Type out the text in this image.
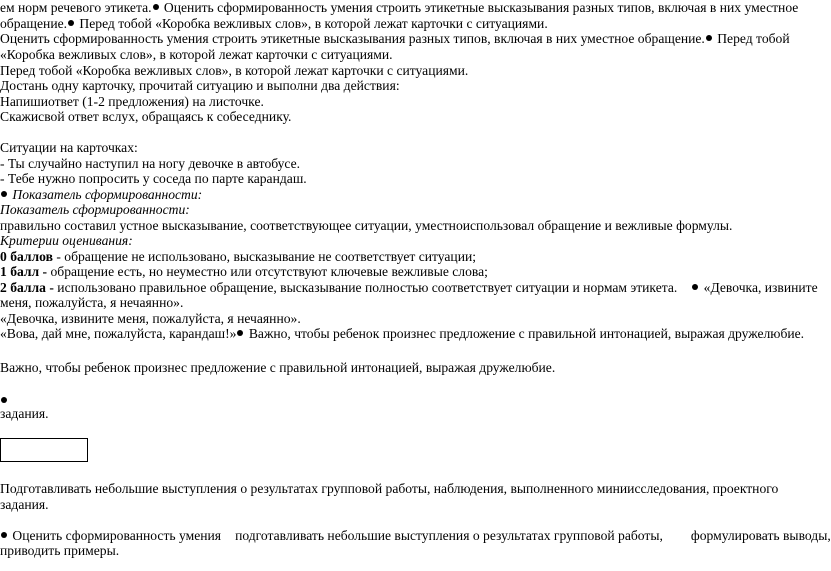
ем норм речевого этикета. Оценить сформированность умения строить этикетные высказывания разных типов, включая в них уместное
обращение. Перед тобой «Коробка вежливых слов», в которой лежат карточки с ситуациями.
Оценить сформированность умения строить этикетные высказывания разных типов, включая в них уместное обращение. Перед тобой
«Коробка вежливых слов», в которой лежат карточки с ситуациями.
Перед тобой «Коробка вежливых слов», в которой лежат карточки с ситуациями.
Достань одну карточку, прочитай ситуацию и выполни два действия:
Напишиответ (1-2 предложения) на листочке.
Скажисвой ответ вслух, обращаясь к собеседнику.
Ситуации на карточках:
- Ты случайно наступил на ногу девочке в автобусе.
- Тебе нужно попросить у соседа по парте карандаш.
Показатель сформированности:
Показатель сформированности:
правильно составил устное высказывание, соответствующее ситуации, уместноиспользовал обращение и вежливые формулы.
Критерии оценивания:
0 баллов - обращение не использовано, высказывание не соответствует ситуации;
1 балл - обращение есть, но неуместно или отсутствуют ключевые вежливые слова;
2 балла - использовано правильное обращение, высказывание полностью соответствует ситуации и нормам этикета. «Девочка, извините
меня, пожалуйста, я нечаянно».
«Девочка, извините меня, пожалуйста, я нечаянно».
«Вова, дай мне, пожалуйста, карандаш!» Важно, чтобы ребенок произнес предложение с правильной интонацией, выражая дружелюбие.
Важно, чтобы ребенок произнес предложение с правильной интонацией, выражая дружелюбие.
задания.
Подготавливать небольшие выступления о результатах групповой работы, наблюдения, выполненного миниисследования, проектного
задания.
Оценить сформированность умения подготавливать небольшие выступления о результатах групповой работы, формулировать выводы,
приводить примеры.
